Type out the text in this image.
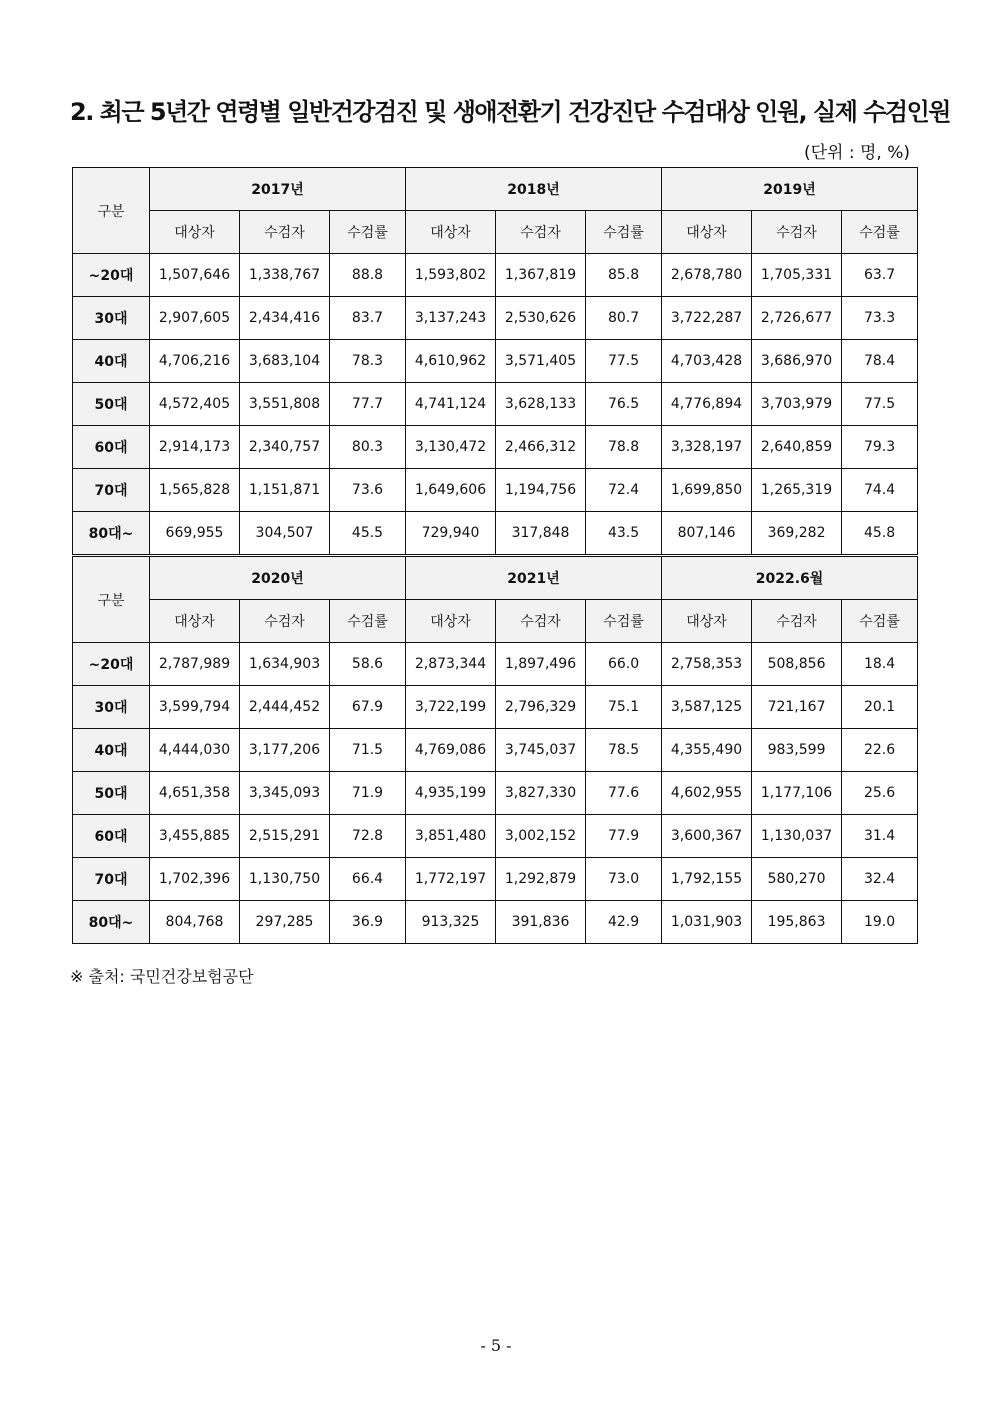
2. 최근 5년간 연령별 일반건강검진 및 생애전환기 건강진단 수검대상 인원, 실제 수검인원
(단위 : 명, %)
구분	2017년			2018년			2019년		
	대상자	수검자	수검률	대상자	수검자	수검률	대상자	수검자	수검률
~20대	1,507,646	1,338,767	88.8	1,593,802	1,367,819	85.8	2,678,780	1,705,331	63.7
30대	2,907,605	2,434,416	83.7	3,137,243	2,530,626	80.7	3,722,287	2,726,677	73.3
40대	4,706,216	3,683,104	78.3	4,610,962	3,571,405	77.5	4,703,428	3,686,970	78.4
50대	4,572,405	3,551,808	77.7	4,741,124	3,628,133	76.5	4,776,894	3,703,979	77.5
60대	2,914,173	2,340,757	80.3	3,130,472	2,466,312	78.8	3,328,197	2,640,859	79.3
70대	1,565,828	1,151,871	73.6	1,649,606	1,194,756	72.4	1,699,850	1,265,319	74.4
80대~	669,955	304,507	45.5	729,940	317,848	43.5	807,146	369,282	45.8
구분	2020년			2021년			2022.6월		
	대상자	수검자	수검률	대상자	수검자	수검률	대상자	수검자	수검률
~20대	2,787,989	1,634,903	58.6	2,873,344	1,897,496	66.0	2,758,353	508,856	18.4
30대	3,599,794	2,444,452	67.9	3,722,199	2,796,329	75.1	3,587,125	721,167	20.1
40대	4,444,030	3,177,206	71.5	4,769,086	3,745,037	78.5	4,355,490	983,599	22.6
50대	4,651,358	3,345,093	71.9	4,935,199	3,827,330	77.6	4,602,955	1,177,106	25.6
60대	3,455,885	2,515,291	72.8	3,851,480	3,002,152	77.9	3,600,367	1,130,037	31.4
70대	1,702,396	1,130,750	66.4	1,772,197	1,292,879	73.0	1,792,155	580,270	32.4
80대~	804,768	297,285	36.9	913,325	391,836	42.9	1,031,903	195,863	19.0
※ 출처: 국민건강보험공단
- 5 -
